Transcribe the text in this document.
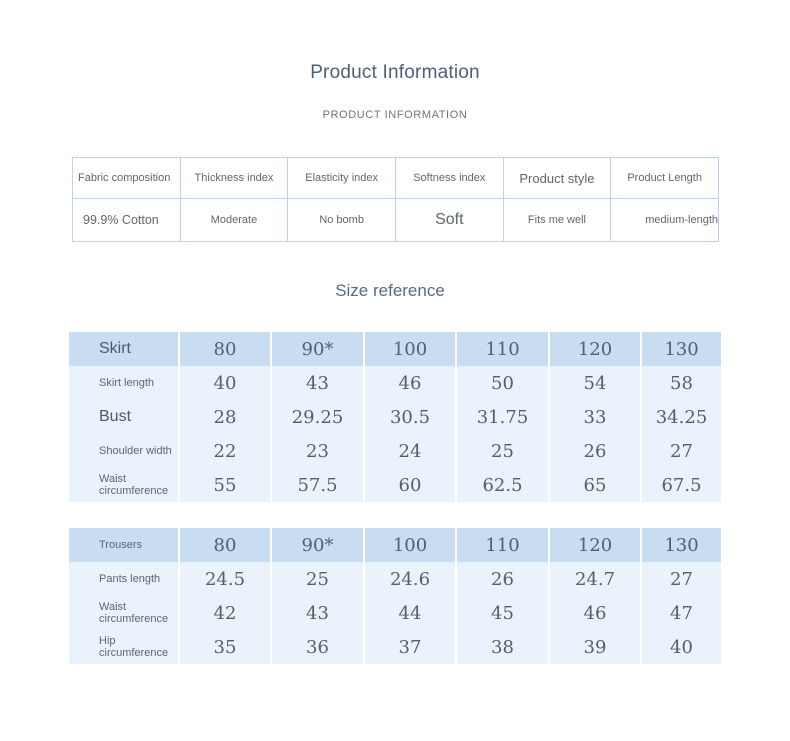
Product Information
PRODUCT INFORMATION
Fabric composition	Thickness index	Elasticity index	Softness index	Product style	Product Length
99.9% Cotton	Moderate	No bomb	Soft	Fits me well	medium-length
Size reference
Skirt	80	90*	100	110	120	130
Skirt length	40	43	46	50	54	58
Bust	28	29.25	30.5	31.75	33	34.25
Shoulder width	22	23	24	25	26	27
Waist circumference	55	57.5	60	62.5	65	67.5
Trousers	80	90*	100	110	120	130
Pants length	24.5	25	24.6	26	24.7	27
Waist circumference	42	43	44	45	46	47
Hip circumference	35	36	37	38	39	40
